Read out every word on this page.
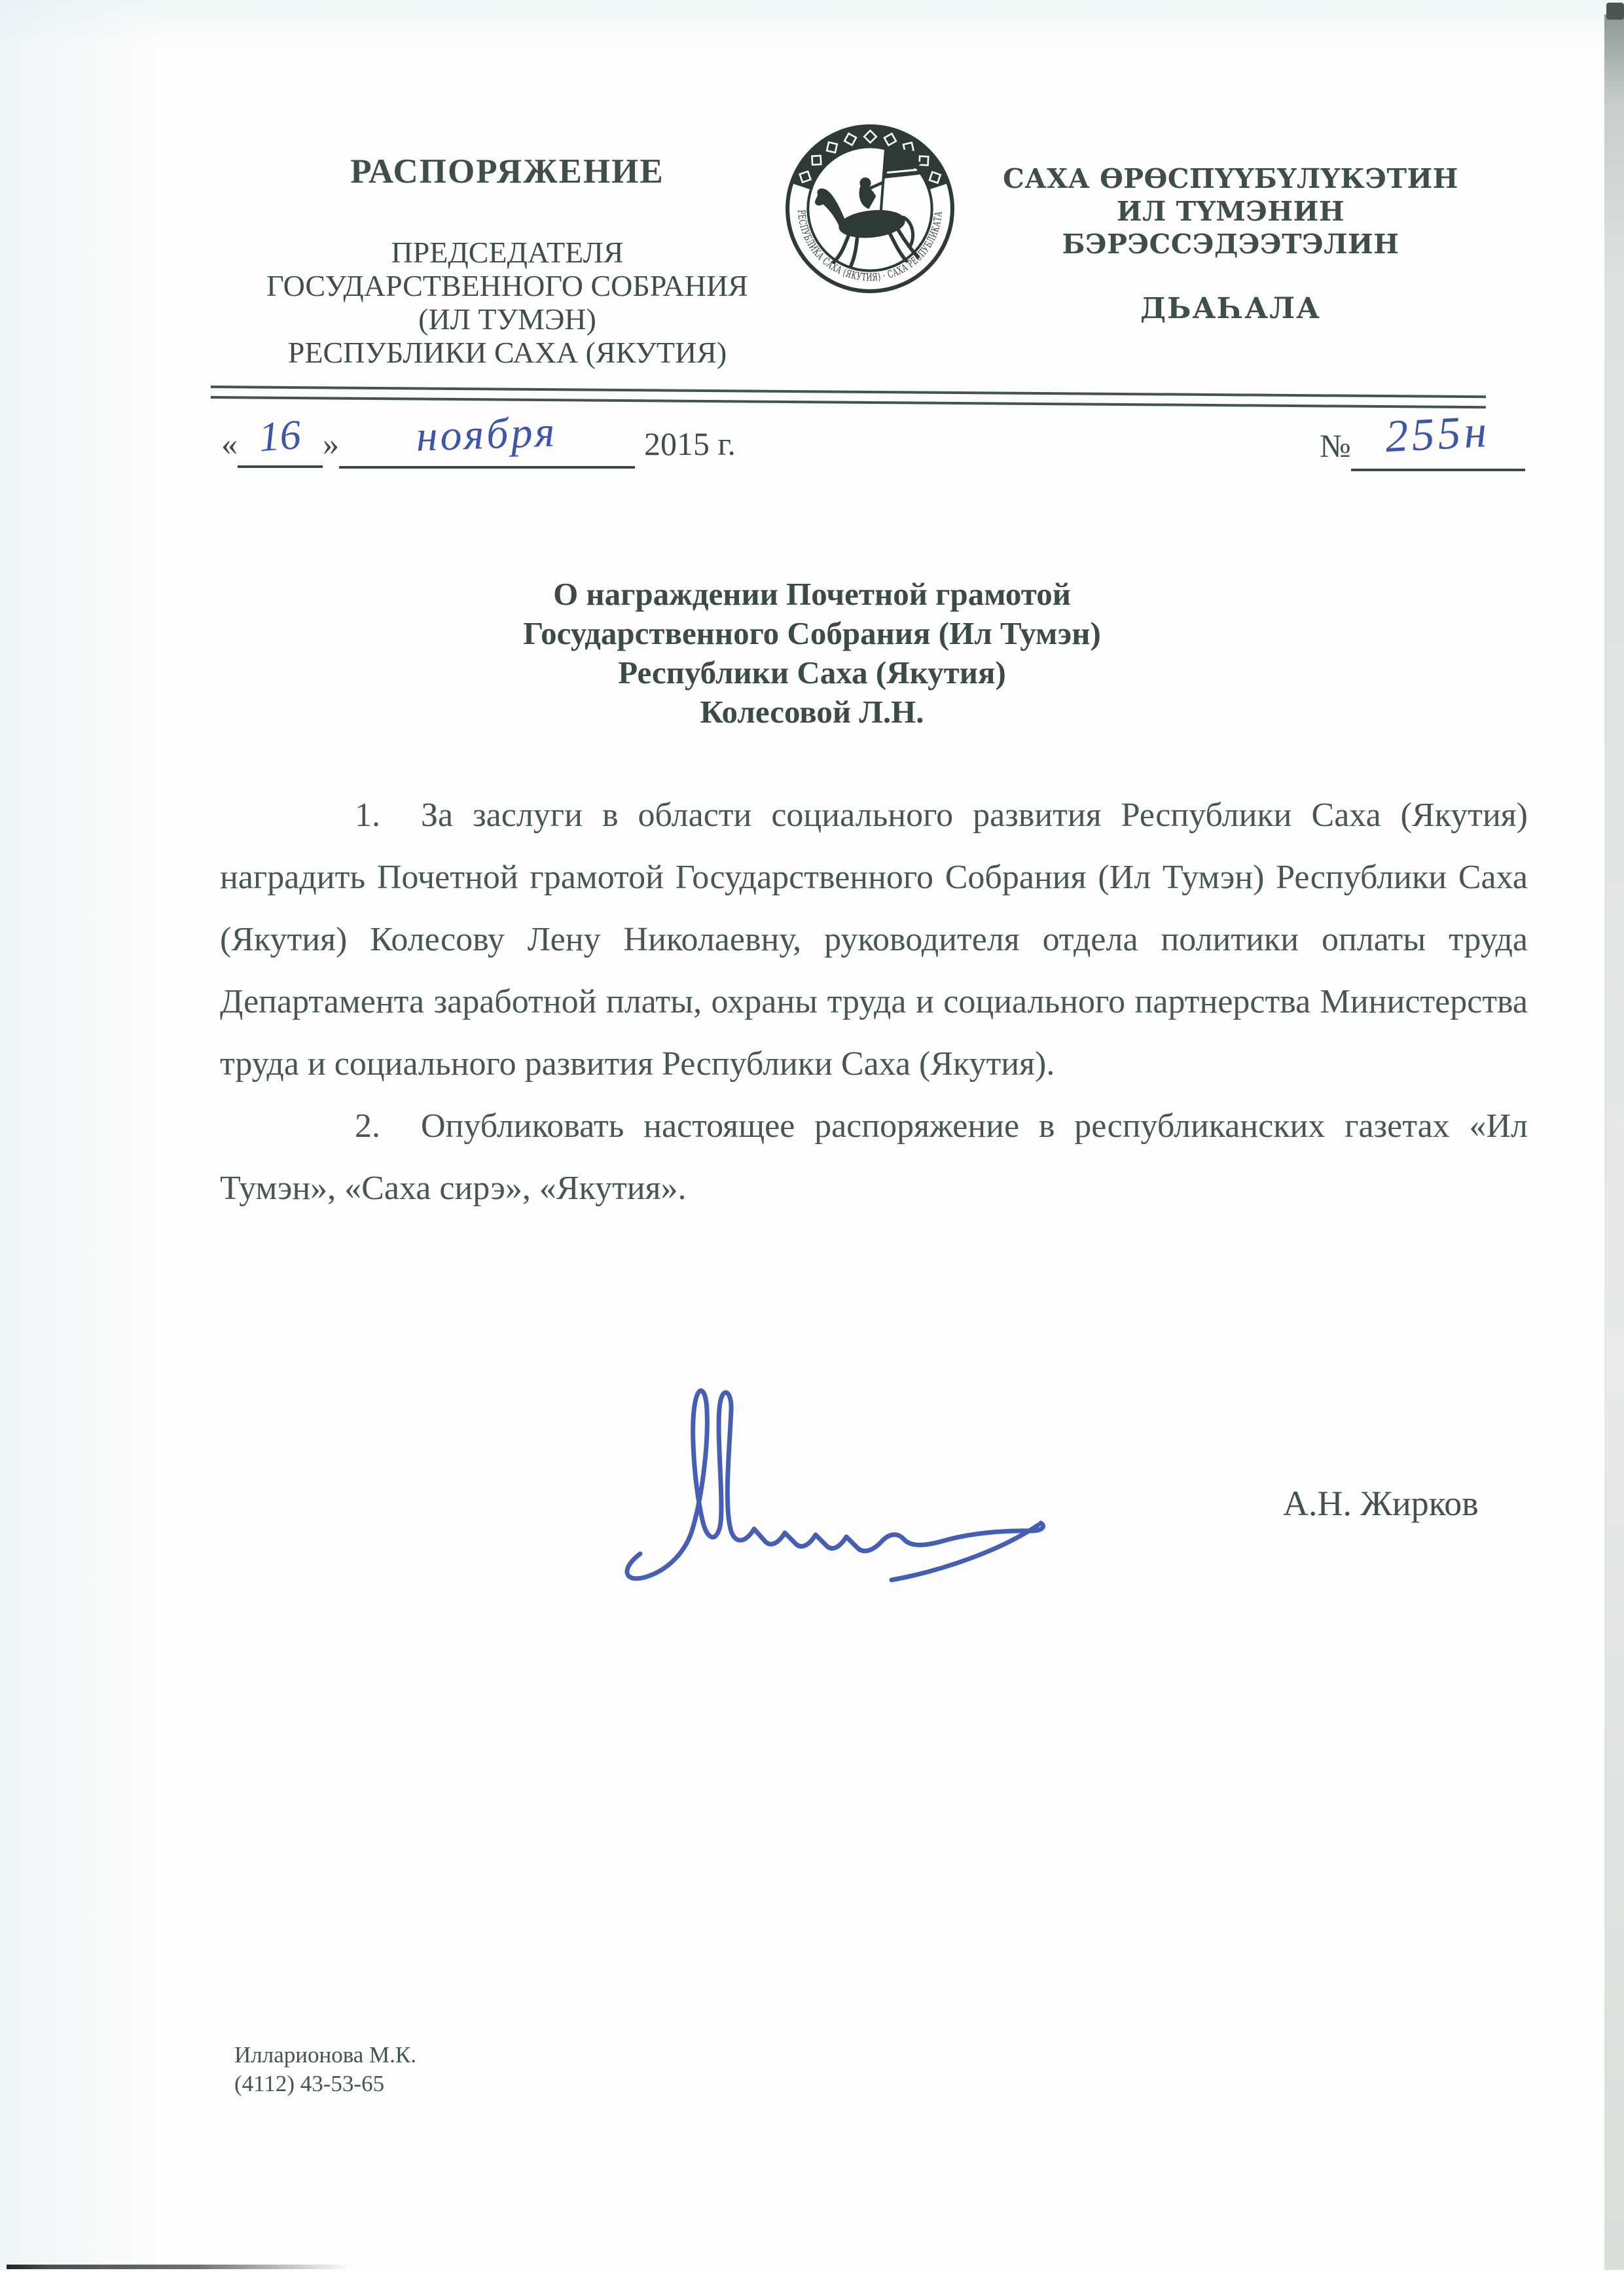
РАСПОРЯЖЕНИЕ
ПРЕДСЕДАТЕЛЯ
ГОСУДАРСТВЕННОГО СОБРАНИЯ
(ИЛ ТУМЭН)
РЕСПУБЛИКИ САХА (ЯКУТИЯ)
РЕСПУБЛИКА САХА (ЯКУТИЯ) · САХА РЕСПУБЛИКАТА
САХА ӨРӨСПҮҮБҮЛҮКЭТИН
ИЛ ТҮМЭНИН
БЭРЭССЭДЭЭТЭЛИН
ДЬАҺАЛА
« 16 » ноября	2015 г.	№ 255н
О награждении Почетной грамотой
Государственного Собрания (Ил Тумэн)
Республики Саха (Якутия)
Колесовой Л.Н.

1. За заслуги в области социального развития Республики Саха (Якутия) наградить Почетной грамотой Государственного Собрания (Ил Тумэн) Республики Саха (Якутия) Колесову Лену Николаевну, руководителя отдела политики оплаты труда Департамента заработной платы, охраны труда и социального партнерства Министерства труда и социального развития Республики Саха (Якутия).

2. Опубликовать настоящее распоряжение в республиканских газетах «Ил Тумэн», «Саха сирэ», «Якутия».

А.Н. Жирков
Илларионова М.К.
(4112) 43-53-65
